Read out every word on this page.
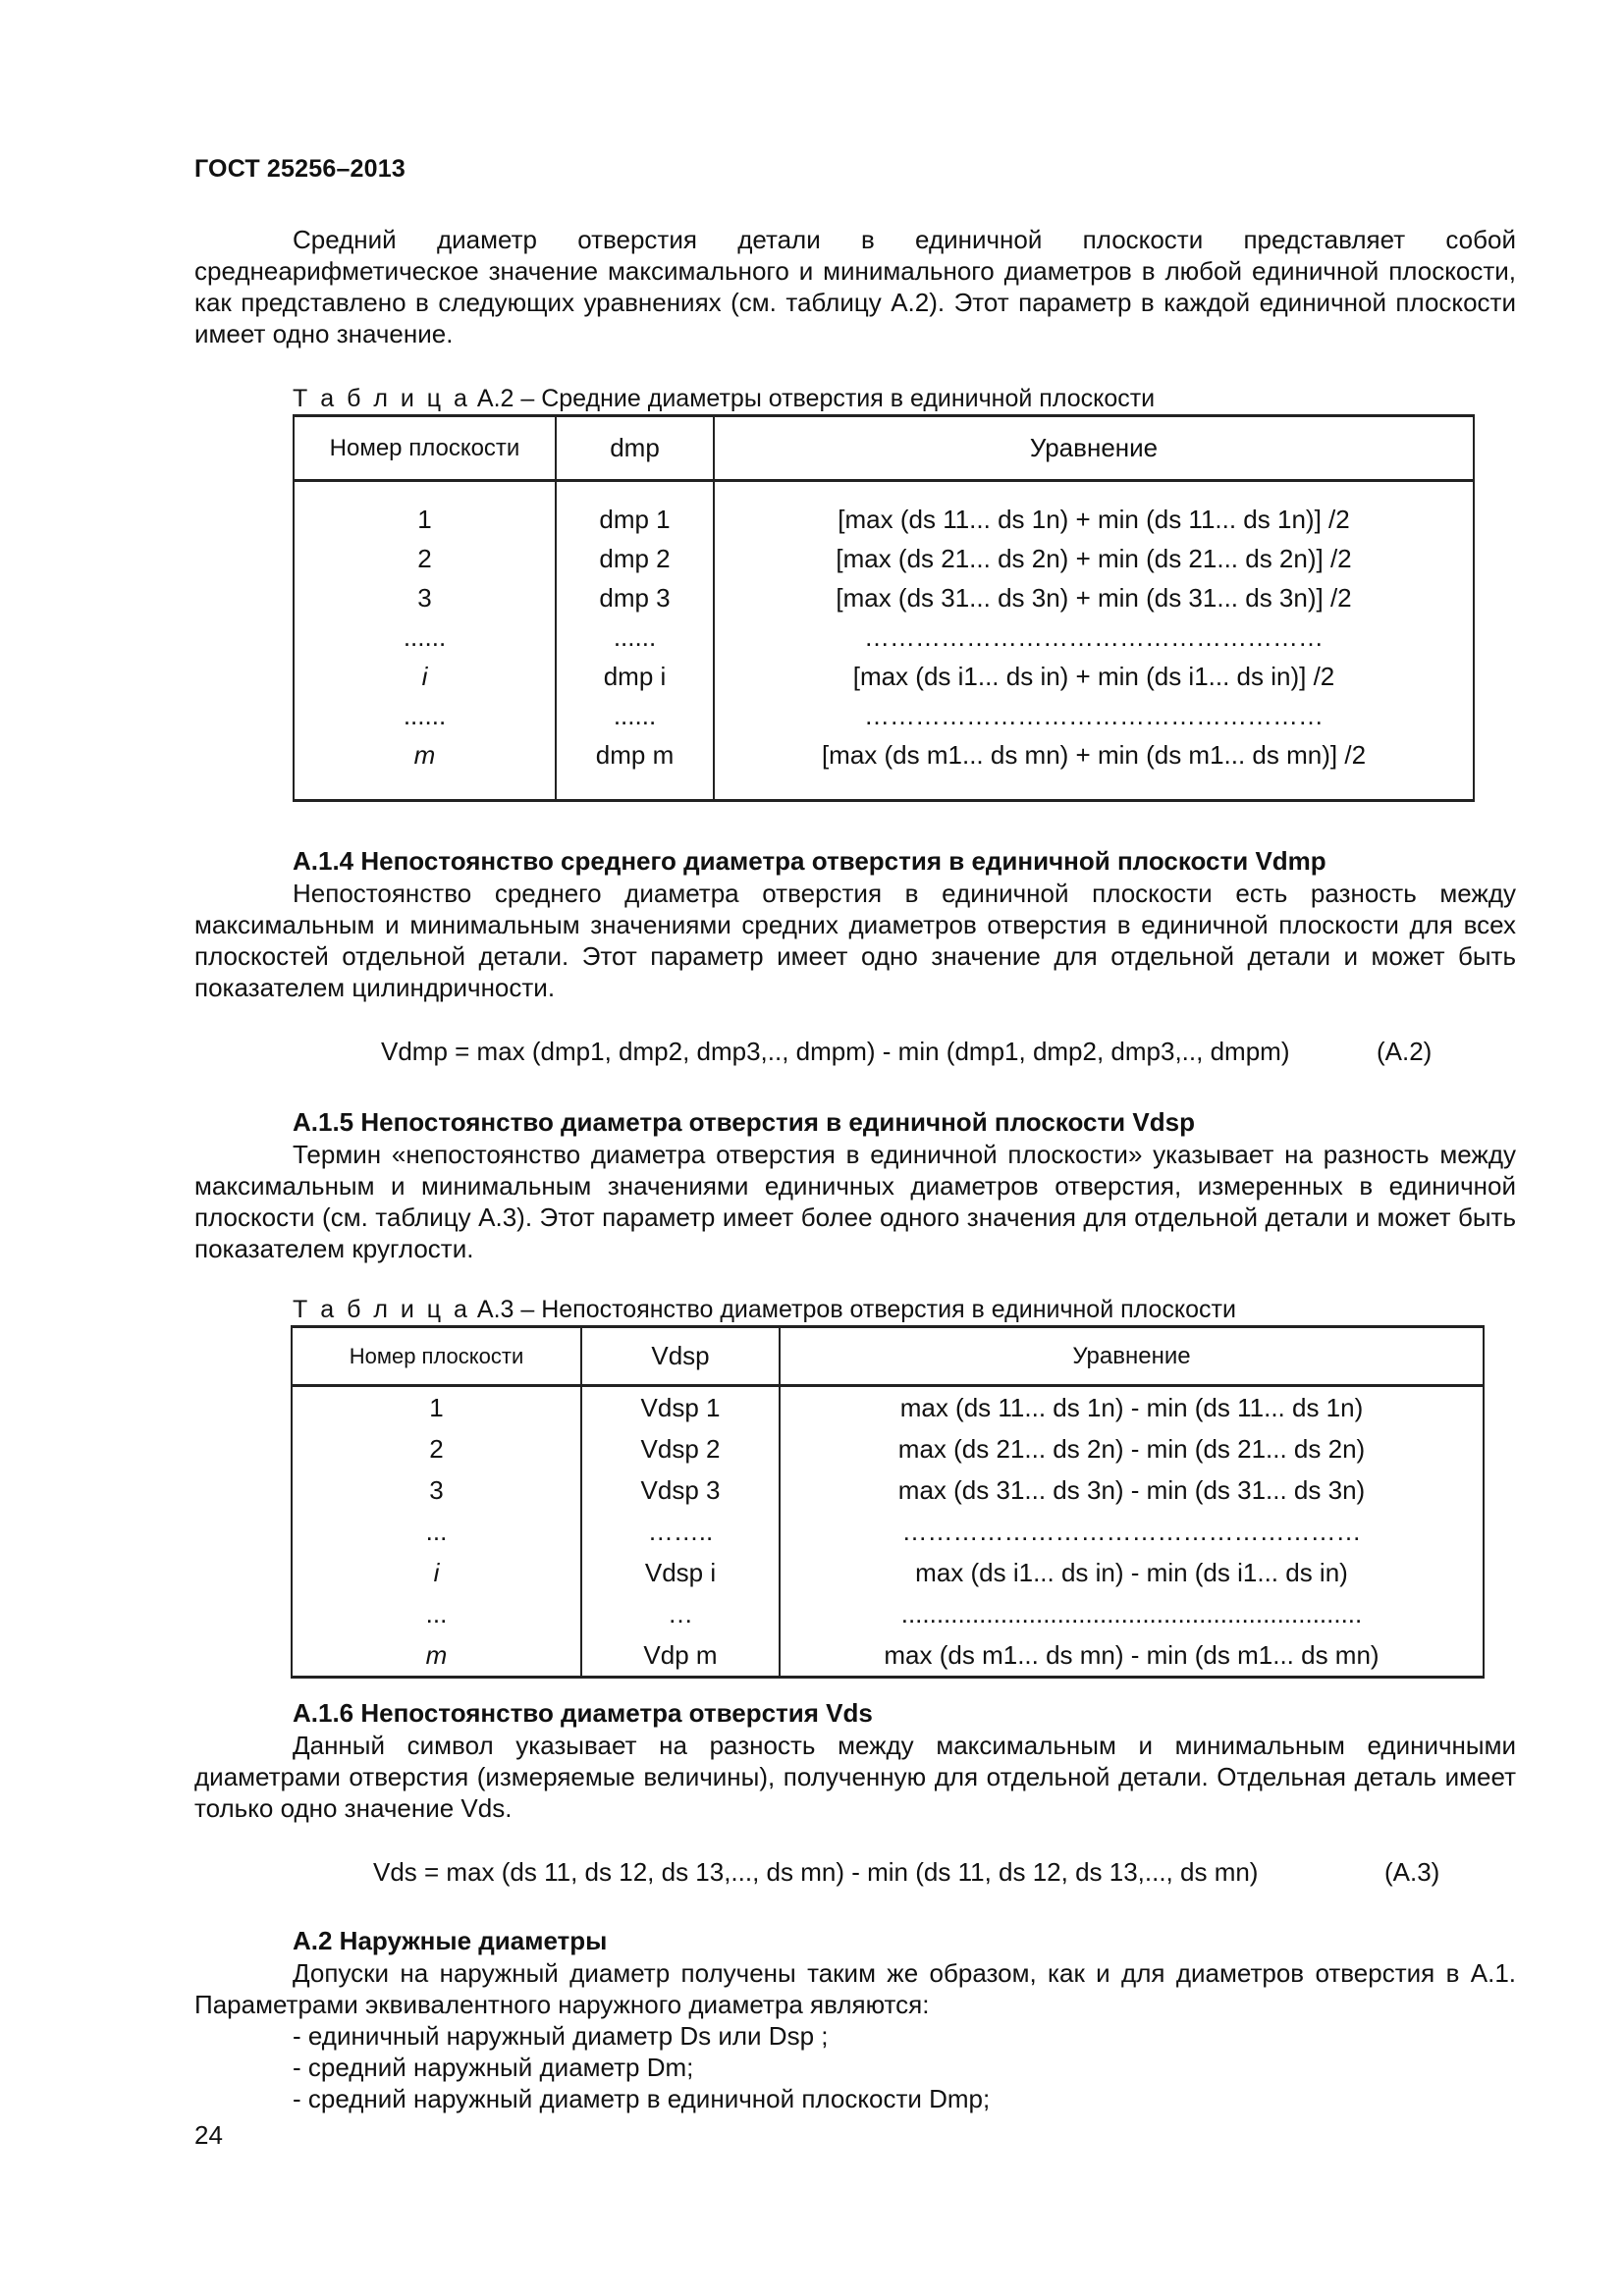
ГОСТ 25256–2013

Средний диаметр отверстия детали в единичной плоскости представляет собой среднеарифметическое значение максимального и минимального диаметров в любой единичной плоскости, как представлено в следующих уравнениях (см. таблицу А.2). Этот параметр в каждой единичной плоскости имеет одно значение.

Т а б л и ц а А.2 – Средние диаметры отверстия в единичной плоскости
Номер плоскости	dmp	Уравнение

1	dmp 1	[max (ds 11... ds 1n) + min (ds 11... ds 1n)] /2
2	dmp 2	[max (ds 21... ds 2n) + min (ds 21... ds 2n)] /2
3	dmp 3	[max (ds 31... ds 3n) + min (ds 31... ds 3n)] /2
......	......	………………………………………………
i	dmp i	[max (ds i1... ds in) + min (ds i1... ds in)] /2
......	......	………………………………………………
m	dmp m	[max (ds m1... ds mn) + min (ds m1... ds mn)] /2

А.1.4 Непостоянство среднего диаметра отверстия в единичной плоскости Vdmp

Непостоянство среднего диаметра отверстия в единичной плоскости есть разность между максимальным и минимальным значениями средних диаметров отверстия в единичной плоскости для всех плоскостей отдельной детали. Этот параметр имеет одно значение для отдельной детали и может быть показателем цилиндричности.

Vdmp = max (dmp1, dmp2, dmp3,.., dmpm) - min (dmp1, dmp2, dmp3,.., dmpm)	(A.2)
А.1.5 Непостоянство диаметра отверстия в единичной плоскости Vdsp

Термин «непостоянство диаметра отверстия в единичной плоскости» указывает на разность между максимальным и минимальным значениями единичных диаметров отверстия, измеренных в единичной плоскости (см. таблицу А.3). Этот параметр имеет более одного значения для отдельной детали и может быть показателем круглости.

Т а б л и ц а А.3 – Непостоянство диаметров отверстия в единичной плоскости
Номер плоскости	Vdsp	Уравнение
1	Vdsp 1	max (ds 11... ds 1n) - min (ds 11... ds 1n)
2	Vdsp 2	max (ds 21... ds 2n) - min (ds 21... ds 2n)
3	Vdsp 3	max (ds 31... ds 3n) - min (ds 31... ds 3n)
...	……..	………………………………………………
i	Vdsp i	max (ds i1... ds in) - min (ds i1... ds in)
...	…	.................................................................
m	Vdp m	max (ds m1... ds mn) - min (ds m1... ds mn)
А.1.6 Непостоянство диаметра отверстия Vds

Данный символ указывает на разность между максимальным и минимальным единичными диаметрами отверстия (измеряемые величины), полученную для отдельной детали. Отдельная деталь имеет только одно значение Vds.

Vds = max (ds 11, ds 12, ds 13,..., ds mn) - min (ds 11, ds 12, ds 13,..., ds mn)	(A.3)
А.2 Наружные диаметры

Допуски на наружный диаметр получены таким же образом, как и для диаметров отверстия в А.1. Параметрами эквивалентного наружного диаметра являются:

- единичный наружный диаметр Ds или Dsp ;

- средний наружный диаметр Dm;

- средний наружный диаметр в единичной плоскости Dmp;

24
